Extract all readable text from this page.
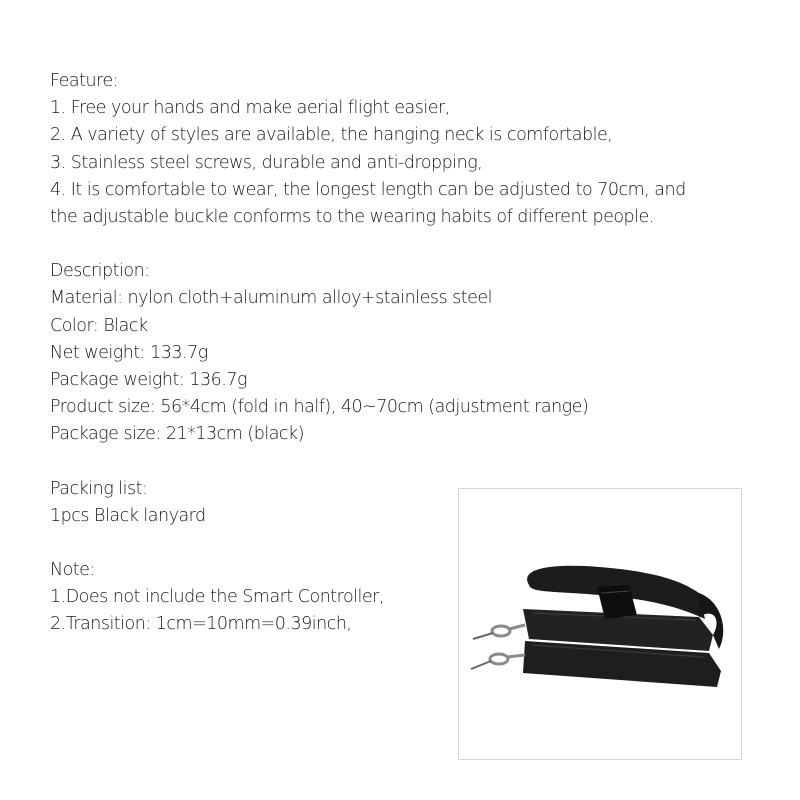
Feature:
1. Free your hands and make aerial flight easier,
2. A variety of styles are available, the hanging neck is comfortable,
3. Stainless steel screws, durable and anti-dropping,
4. It is comfortable to wear, the longest length can be adjusted to 70cm, and
the adjustable buckle conforms to the wearing habits of different people.
Description:
Material: nylon cloth+aluminum alloy+stainless steel
Color: Black
Net weight: 133.7g
Package weight: 136.7g
Product size: 56*4cm (fold in half), 40~70cm (adjustment range)
Package size: 21*13cm (black)
Packing list:
1pcs Black lanyard
Note:
1.Does not include the Smart Controller,
2.Transition: 1cm=10mm=0.39inch,
